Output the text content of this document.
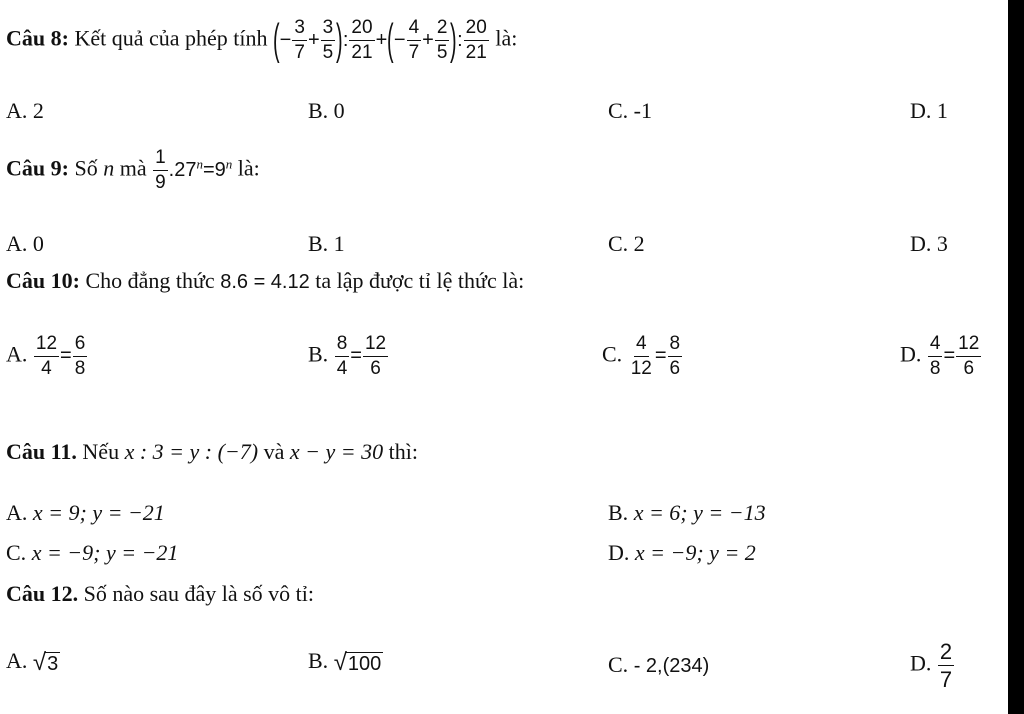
Câu 8: Kết quả của phép tính (− $\frac{3}{7} + \frac{3}{5}$ ): $\frac{20}{21}$ +(− $\frac{4}{7} + \frac{2}{5}$ ): $\frac{20}{21}$ là:
A. 2	B. 0	C. -1	D. 1
Câu 9: Số n mà $\frac{1}{9} .27^n=9^n$ là:
A. 0	B. 1	C. 2	D. 3
Câu 10: Cho đẳng thức 8.6 = 4.12 ta lập được tỉ lệ thức là:
A. $\frac{12}{4} = \frac{6}{8}$	B. $\frac{8}{4} = \frac{12}{6}$	C. $\frac{4}{12} = \frac{8}{6}$	D. $\frac{4}{8} = \frac{12}{6}$
Câu 11. Nếu x : 3 = y : (−7) và x − y = 30 thì:
A. x = 9; y = −21	B. x = 6; y = −13
C. x = −9; y = −21	D. x = −9; y = 2
Câu 12. Số nào sau đây là số vô tỉ:
A. √ 3	B. √ 100	C. - 2,(234)	D. $\frac{2}{7}$
